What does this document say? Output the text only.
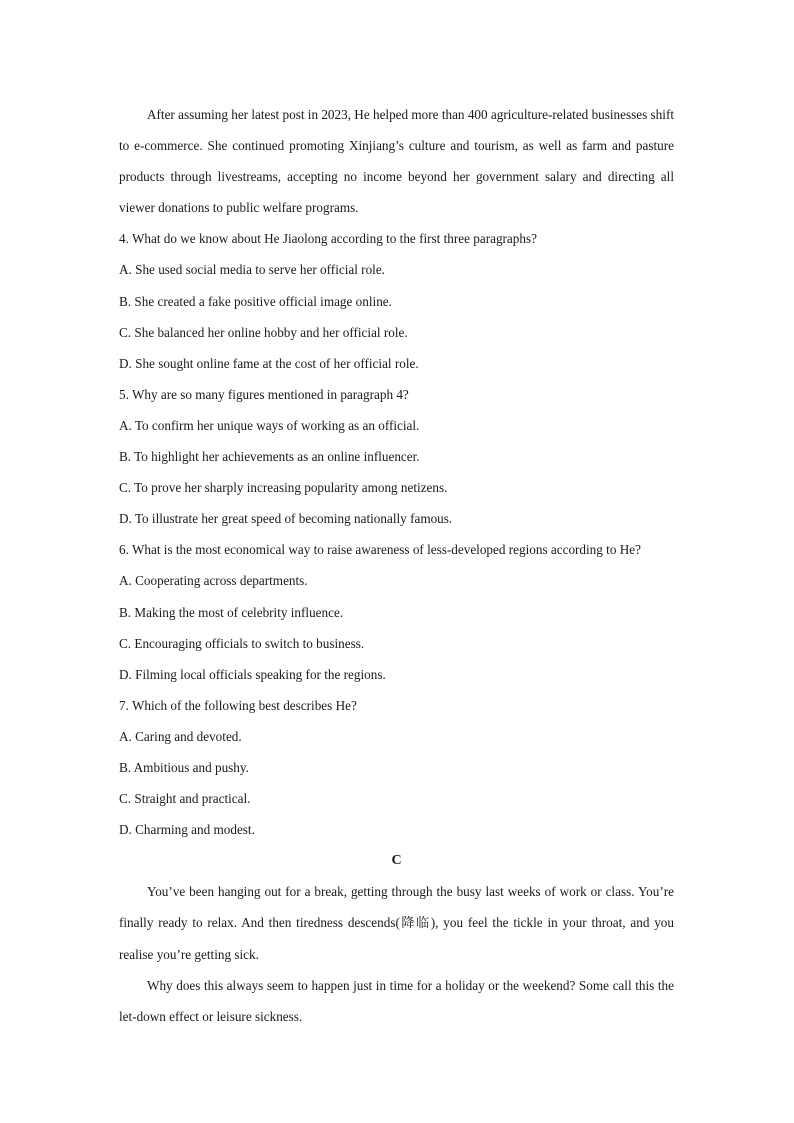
After assuming her latest post in 2023, He helped more than 400 agriculture-related businesses shift to e-commerce. She continued promoting Xinjiang’s culture and tourism, as well as farm and pasture products through livestreams, accepting no income beyond her government salary and directing all viewer donations to public welfare programs.

4. What do we know about He Jiaolong according to the first three paragraphs?

A. She used social media to serve her official role.

B. She created a fake positive official image online.

C. She balanced her online hobby and her official role.

D. She sought online fame at the cost of her official role.

5. Why are so many figures mentioned in paragraph 4?

A. To confirm her unique ways of working as an official.

B. To highlight her achievements as an online influencer.

C. To prove her sharply increasing popularity among netizens.

D. To illustrate her great speed of becoming nationally famous.

6. What is the most economical way to raise awareness of less-developed regions according to He?

A. Cooperating across departments.

B. Making the most of celebrity influence.

C. Encouraging officials to switch to business.

D. Filming local officials speaking for the regions.

7. Which of the following best describes He?

A. Caring and devoted.

B. Ambitious and pushy.

C. Straight and practical.

D. Charming and modest.

C

You’ve been hanging out for a break, getting through the busy last weeks of work or class. You’re finally ready to relax. And then tiredness descends(降临), you feel the tickle in your throat, and you realise you’re getting sick.

Why does this always seem to happen just in time for a holiday or the weekend? Some call this the let-down effect or leisure sickness.
